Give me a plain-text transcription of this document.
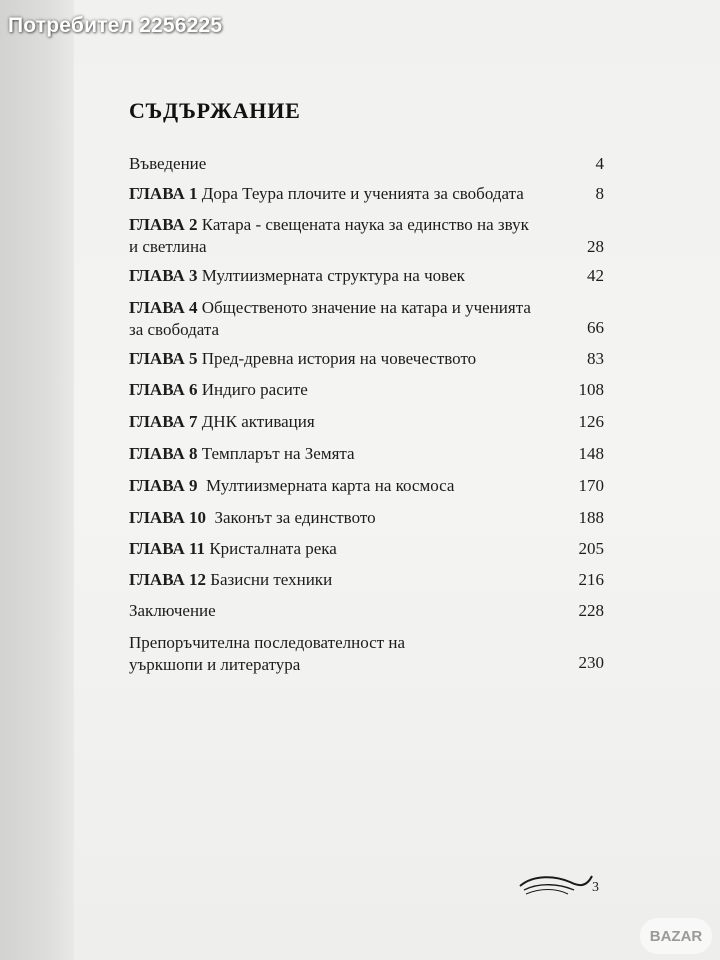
Потребител 2256225
СЪДЪРЖАНИЕ
Въведение	4
ГЛАВА 1 Дора Теура плочите и ученията за свободата	8
ГЛАВА 2 Катара - свещената наука за единство на звук
и светлина	28
ГЛАВА 3 Мултиизмерната структура на човек	42
ГЛАВА 4 Общественото значение на катара и ученията
за свободата	66
ГЛАВА 5 Пред-древна история на човечеството	83
ГЛАВА 6 Индиго расите	108
ГЛАВА 7 ДНК активация	126
ГЛАВА 8 Темпларът на Земята	148
ГЛАВА 9 Мултиизмерната карта на космоса	170
ГЛАВА 10 Законът за единството	188
ГЛАВА 11 Кристалната река	205
ГЛАВА 12 Базисни техники	216
Заключение	228
Препоръчителна последователност на
уъркшопи и литература	230
3
BAZAR
